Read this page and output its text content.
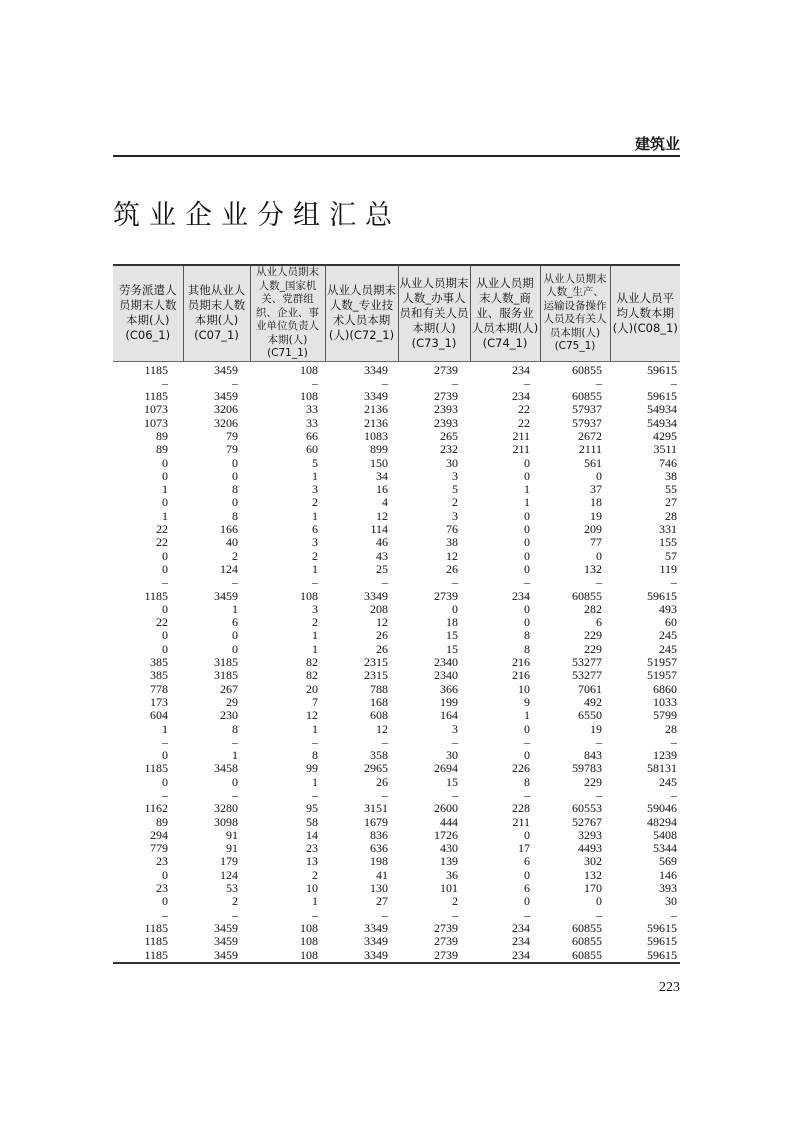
建筑业
筑业企业分组汇总
劳务派遣人员期末人数本期(人)(C06_1)	其他从业人员期末人数本期(人)(C07_1)	从业人员期末人数_国家机关、党群组织、企业、事业单位负责人本期(人)(C71_1)	从业人员期末人数_专业技术人员本期(人)(C72_1)	从业人员期末人数_办事人员和有关人员本期(人)(C73_1)	从业人员期末人数_商业、服务业人员本期(人)(C74_1)	从业人员期末人数_生产、运输设备操作人员及有关人员本期(人)(C75_1)	从业人员平均人数本期(人)(C08_1)
1185	3459	108	3349	2739	234	60855	59615
–	–	–	–	–	–	–	–
1185	3459	108	3349	2739	234	60855	59615
1073	3206	33	2136	2393	22	57937	54934
1073	3206	33	2136	2393	22	57937	54934
89	79	66	1083	265	211	2672	4295
89	79	60	899	232	211	2111	3511
0	0	5	150	30	0	561	746
0	0	1	34	3	0	0	38
1	8	3	16	5	1	37	55
0	0	2	4	2	1	18	27
1	8	1	12	3	0	19	28
22	166	6	114	76	0	209	331
22	40	3	46	38	0	77	155
0	2	2	43	12	0	0	57
0	124	1	25	26	0	132	119
–	–	–	–	–	–	–	–
1185	3459	108	3349	2739	234	60855	59615
0	1	3	208	0	0	282	493
22	6	2	12	18	0	6	60
0	0	1	26	15	8	229	245
0	0	1	26	15	8	229	245
385	3185	82	2315	2340	216	53277	51957
385	3185	82	2315	2340	216	53277	51957
778	267	20	788	366	10	7061	6860
173	29	7	168	199	9	492	1033
604	230	12	608	164	1	6550	5799
1	8	1	12	3	0	19	28
–	–	–	–	–	–	–	–
0	1	8	358	30	0	843	1239
1185	3458	99	2965	2694	226	59783	58131
0	0	1	26	15	8	229	245
–	–	–	–	–	–	–	–
1162	3280	95	3151	2600	228	60553	59046
89	3098	58	1679	444	211	52767	48294
294	91	14	836	1726	0	3293	5408
779	91	23	636	430	17	4493	5344
23	179	13	198	139	6	302	569
0	124	2	41	36	0	132	146
23	53	10	130	101	6	170	393
0	2	1	27	2	0	0	30
–	–	–	–	–	–	–	–
1185	3459	108	3349	2739	234	60855	59615
1185	3459	108	3349	2739	234	60855	59615
1185	3459	108	3349	2739	234	60855	59615
223
